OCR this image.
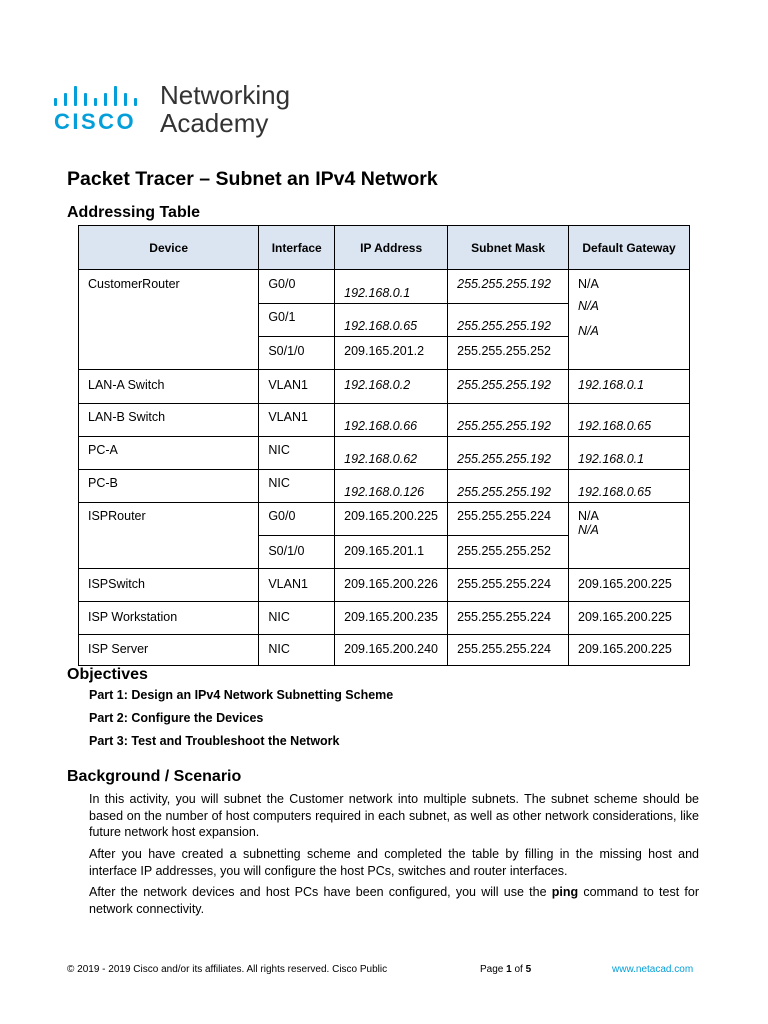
CISCO
Networking
Academy
Packet Tracer – Subnet an IPv4 Network
Addressing Table
Device	Interface	IP Address	Subnet Mask	Default Gateway

CustomerRouter	G0/0	192.168.0.1	255.255.255.192	N/A
N/A
N/A

	G0/1	192.168.0.65	255.255.255.192	

	S0/1/0	209.165.201.2	255.255.255.252	

LAN-A Switch	VLAN1	192.168.0.2	255.255.255.192	192.168.0.1

LAN-B Switch	VLAN1	192.168.0.66	255.255.255.192	192.168.0.65

PC-A	NIC	192.168.0.62	255.255.255.192	192.168.0.1

PC-B	NIC	192.168.0.126	255.255.255.192	192.168.0.65

ISPRouter	G0/0	209.165.200.225	255.255.255.224	N/A
N/A

	S0/1/0	209.165.201.1	255.255.255.252	

ISPSwitch	VLAN1	209.165.200.226	255.255.255.224	209.165.200.225

ISP Workstation	NIC	209.165.200.235	255.255.255.224	209.165.200.225

ISP Server	NIC	209.165.200.240	255.255.255.224	209.165.200.225
Objectives
Part 1: Design an IPv4 Network Subnetting Scheme
Part 2: Configure the Devices
Part 3: Test and Troubleshoot the Network
Background / Scenario
In this activity, you will subnet the Customer network into multiple subnets. The subnet scheme should be based on the number of host computers required in each subnet, as well as other network considerations, like future network host expansion.
After you have created a subnetting scheme and completed the table by filling in the missing host and interface IP addresses, you will configure the host PCs, switches and router interfaces.
After the network devices and host PCs have been configured, you will use the ping command to test for network connectivity.
© 2019 - 2019 Cisco and/or its affiliates. All rights reserved. Cisco Public	Page 1 of 5	www.netacad.com
